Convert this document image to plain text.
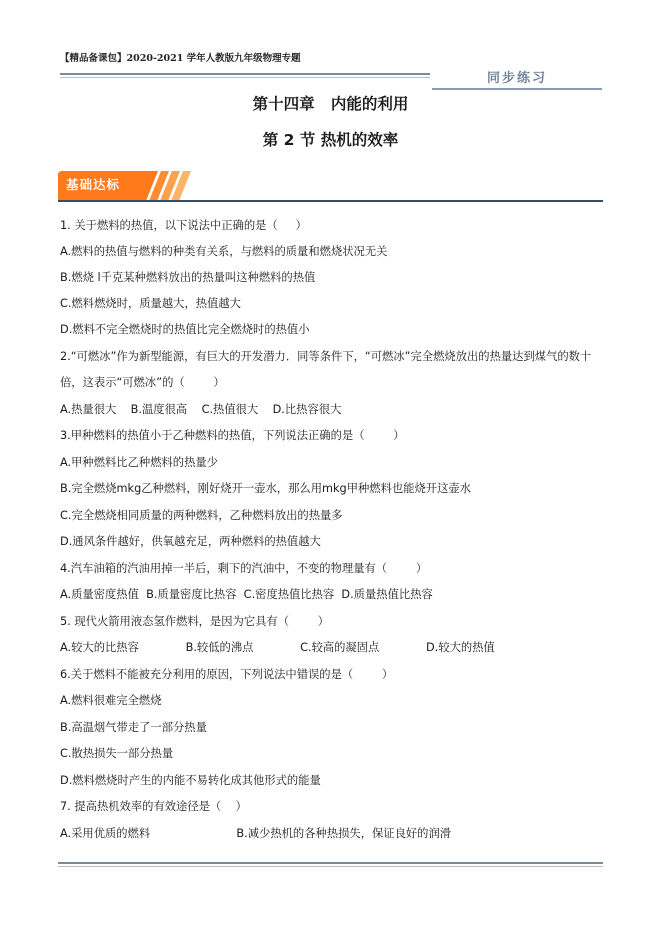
【精品备课包】2020-2021 学年人教版九年级物理专题
同步练习
第十四章   内能的利用
第 2 节 热机的效率
基础达标
1. 关于燃料的热值，以下说法中正确的是（     ）
A.燃料的热值与燃料的种类有关系，与燃料的质量和燃烧状况无关
B.燃烧 l千克某种燃料放出的热量叫这种燃料的热值
C.燃料燃烧时，质量越大，热值越大
D.燃料不完全燃烧时的热值比完全燃烧时的热值小
2.“可燃冰”作为新型能源，有巨大的开发潜力．同等条件下，“可燃冰”完全燃烧放出的热量达到煤气的数十
倍，这表示“可燃冰”的（        ）
A.热量很大    B.温度很高    C.热值很大    D.比热容很大
3.甲种燃料的热值小于乙种燃料的热值，下列说法正确的是（        ）
A.甲种燃料比乙种燃料的热量少
B.完全燃烧mkg乙种燃料，刚好烧开一壶水，那么用mkg甲种燃料也能烧开这壶水
C.完全燃烧相同质量的两种燃料，乙种燃料放出的热量多
D.通风条件越好，供氧越充足，两种燃料的热值越大
4.汽车油箱的汽油用掉一半后，剩下的汽油中，不变的物理量有（        ）
A.质量密度热值  B.质量密度比热容  C.密度热值比热容  D.质量热值比热容
5. 现代火箭用液态氢作燃料，是因为它具有（        ）
A.较大的比热容             B.较低的沸点             C.较高的凝固点             D.较大的热值
6.关于燃料不能被充分利用的原因，下列说法中错误的是（        ）
A.燃料很难完全燃烧
B.高温烟气带走了一部分热量
C.散热损失一部分热量
D.燃料燃烧时产生的内能不易转化成其他形式的能量
7. 提高热机效率的有效途径是（    ）
A.采用优质的燃料                        B.减少热机的各种热损失，保证良好的润滑
